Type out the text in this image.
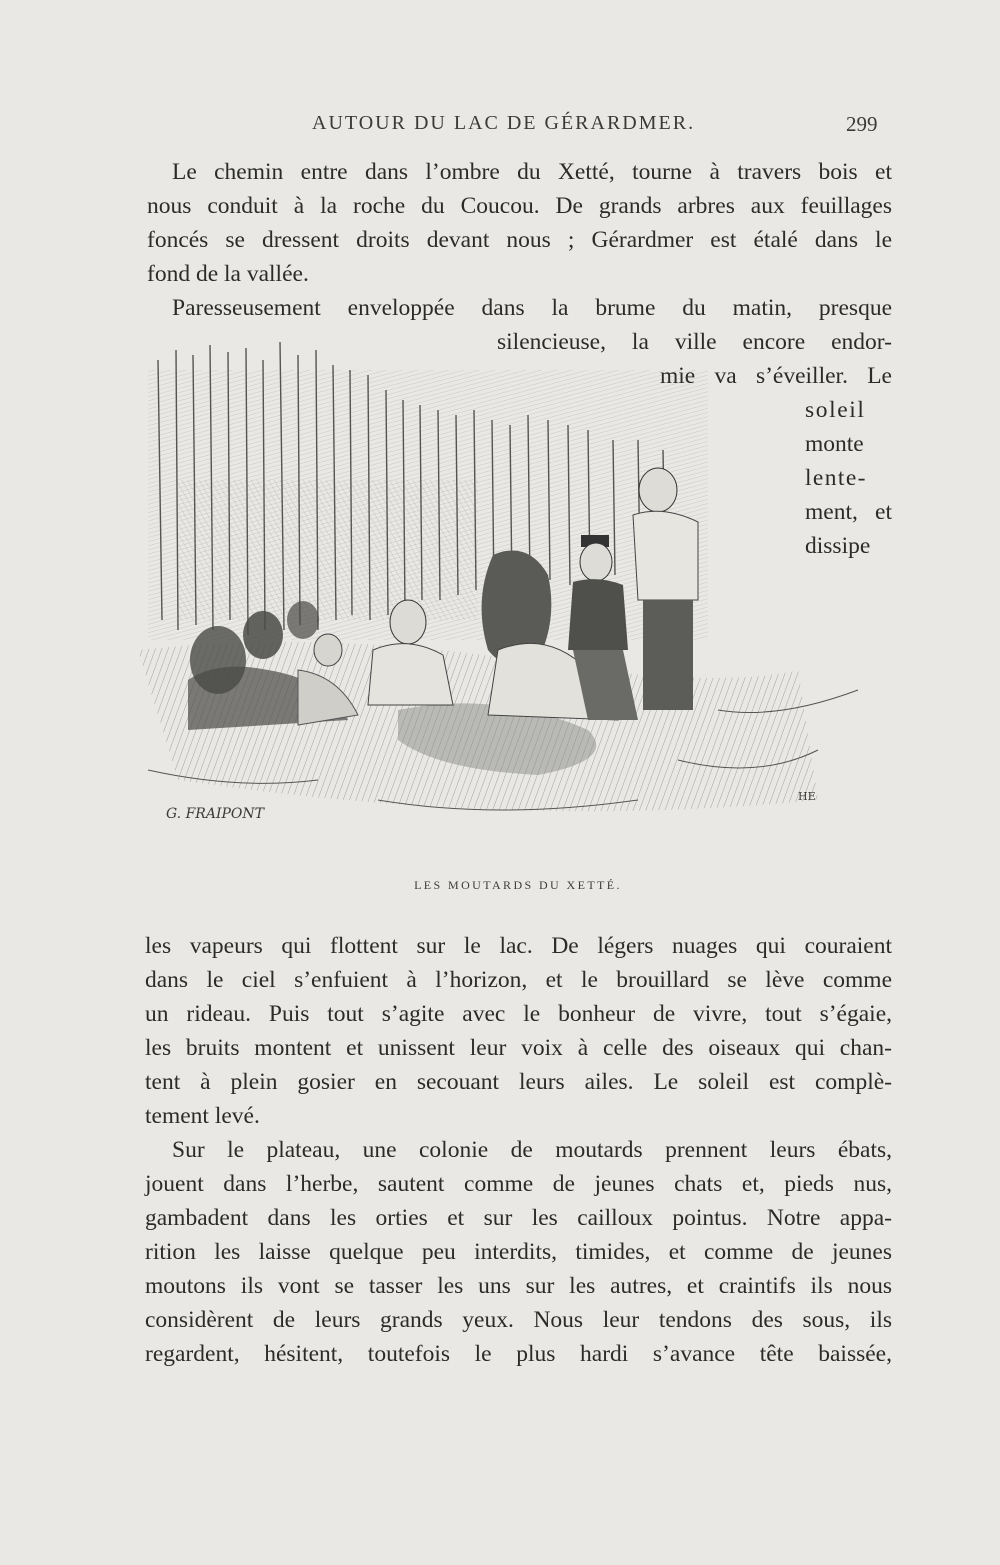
AUTOUR DU LAC DE GÉRARDMER.	299
Le chemin entre dans l’ombre du Xetté, tourne à travers bois et
nous conduit à la roche du Coucou. De grands arbres aux feuillages
foncés se dressent droits devant nous ; Gérardmer est étalé dans le
fond de la vallée.
Paresseusement enveloppée dans la brume du matin, presque
silencieuse, la ville encore endor-
mie va s’éveiller. Le
soleil
monte
lente-
ment, et
dissipe
G. FRAIPONT
HE
LES MOUTARDS DU XETTÉ.
les vapeurs qui flottent sur le lac. De légers nuages qui couraient
dans le ciel s’enfuient à l’horizon, et le brouillard se lève comme
un rideau. Puis tout s’agite avec le bonheur de vivre, tout s’égaie,
les bruits montent et unissent leur voix à celle des oiseaux qui chan-
tent à plein gosier en secouant leurs ailes. Le soleil est complè-
tement levé.
Sur le plateau, une colonie de moutards prennent leurs ébats,
jouent dans l’herbe, sautent comme de jeunes chats et, pieds nus,
gambadent dans les orties et sur les cailloux pointus. Notre appa-
rition les laisse quelque peu interdits, timides, et comme de jeunes
moutons ils vont se tasser les uns sur les autres, et craintifs ils nous
considèrent de leurs grands yeux. Nous leur tendons des sous, ils
regardent, hésitent, toutefois le plus hardi s’avance tête baissée,
